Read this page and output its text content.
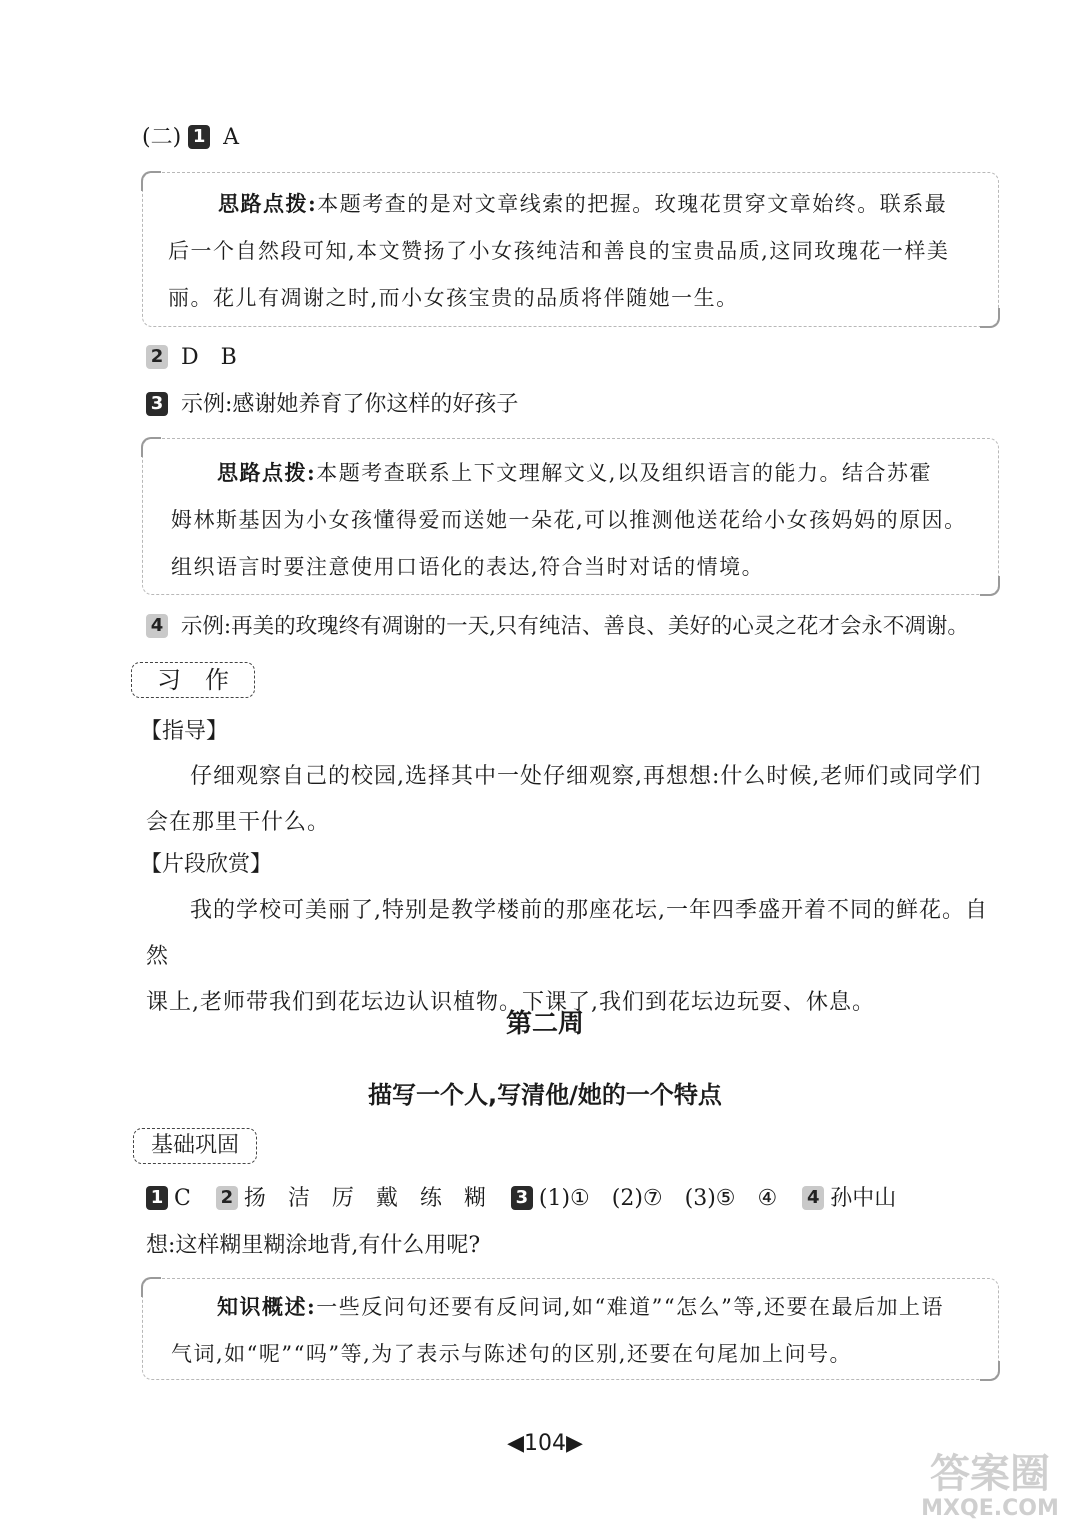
(二) 1 A

思路点拨:本题考查的是对文章线索的把握。玫瑰花贯穿文章始终。联系最

后一个自然段可知,本文赞扬了小女孩纯洁和善良的宝贵品质,这同玫瑰花一样美

丽。花儿有凋谢之时,而小女孩宝贵的品质将伴随她一生。

2 D　B
3 示例:感谢她养育了你这样的好孩子

思路点拨:本题考查联系上下文理解文义,以及组织语言的能力。结合苏霍

姆林斯基因为小女孩懂得爱而送她一朵花,可以推测他送花给小女孩妈妈的原因。

组织语言时要注意使用口语化的表达,符合当时对话的情境。

4 示例:再美的玫瑰终有凋谢的一天,只有纯洁、善良、美好的心灵之花才会永不凋谢。
习　作
【指导】

仔细观察自己的校园,选择其中一处仔细观察,再想想:什么时候,老师们或同学们

会在那里干什么。

【片段欣赏】

我的学校可美丽了,特别是教学楼前的那座花坛,一年四季盛开着不同的鲜花。自然

课上,老师带我们到花坛边认识植物。下课了,我们到花坛边玩耍、休息。

第二周
描写一个人,写清他/她的一个特点
基础巩固
1 C 2 扬　洁　厉　戴　练　糊 3 (1)①　(2)⑦　(3)⑤　④ 4 孙中山
想:这样糊里糊涂地背,有什么用呢?

知识概述:一些反问句还要有反问词,如“难道”“怎么”等,还要在最后加上语

气词,如“呢”“吗”等,为了表示与陈述句的区别,还要在句尾加上问号。

◀104▶
答案圈
MXQE.COM
